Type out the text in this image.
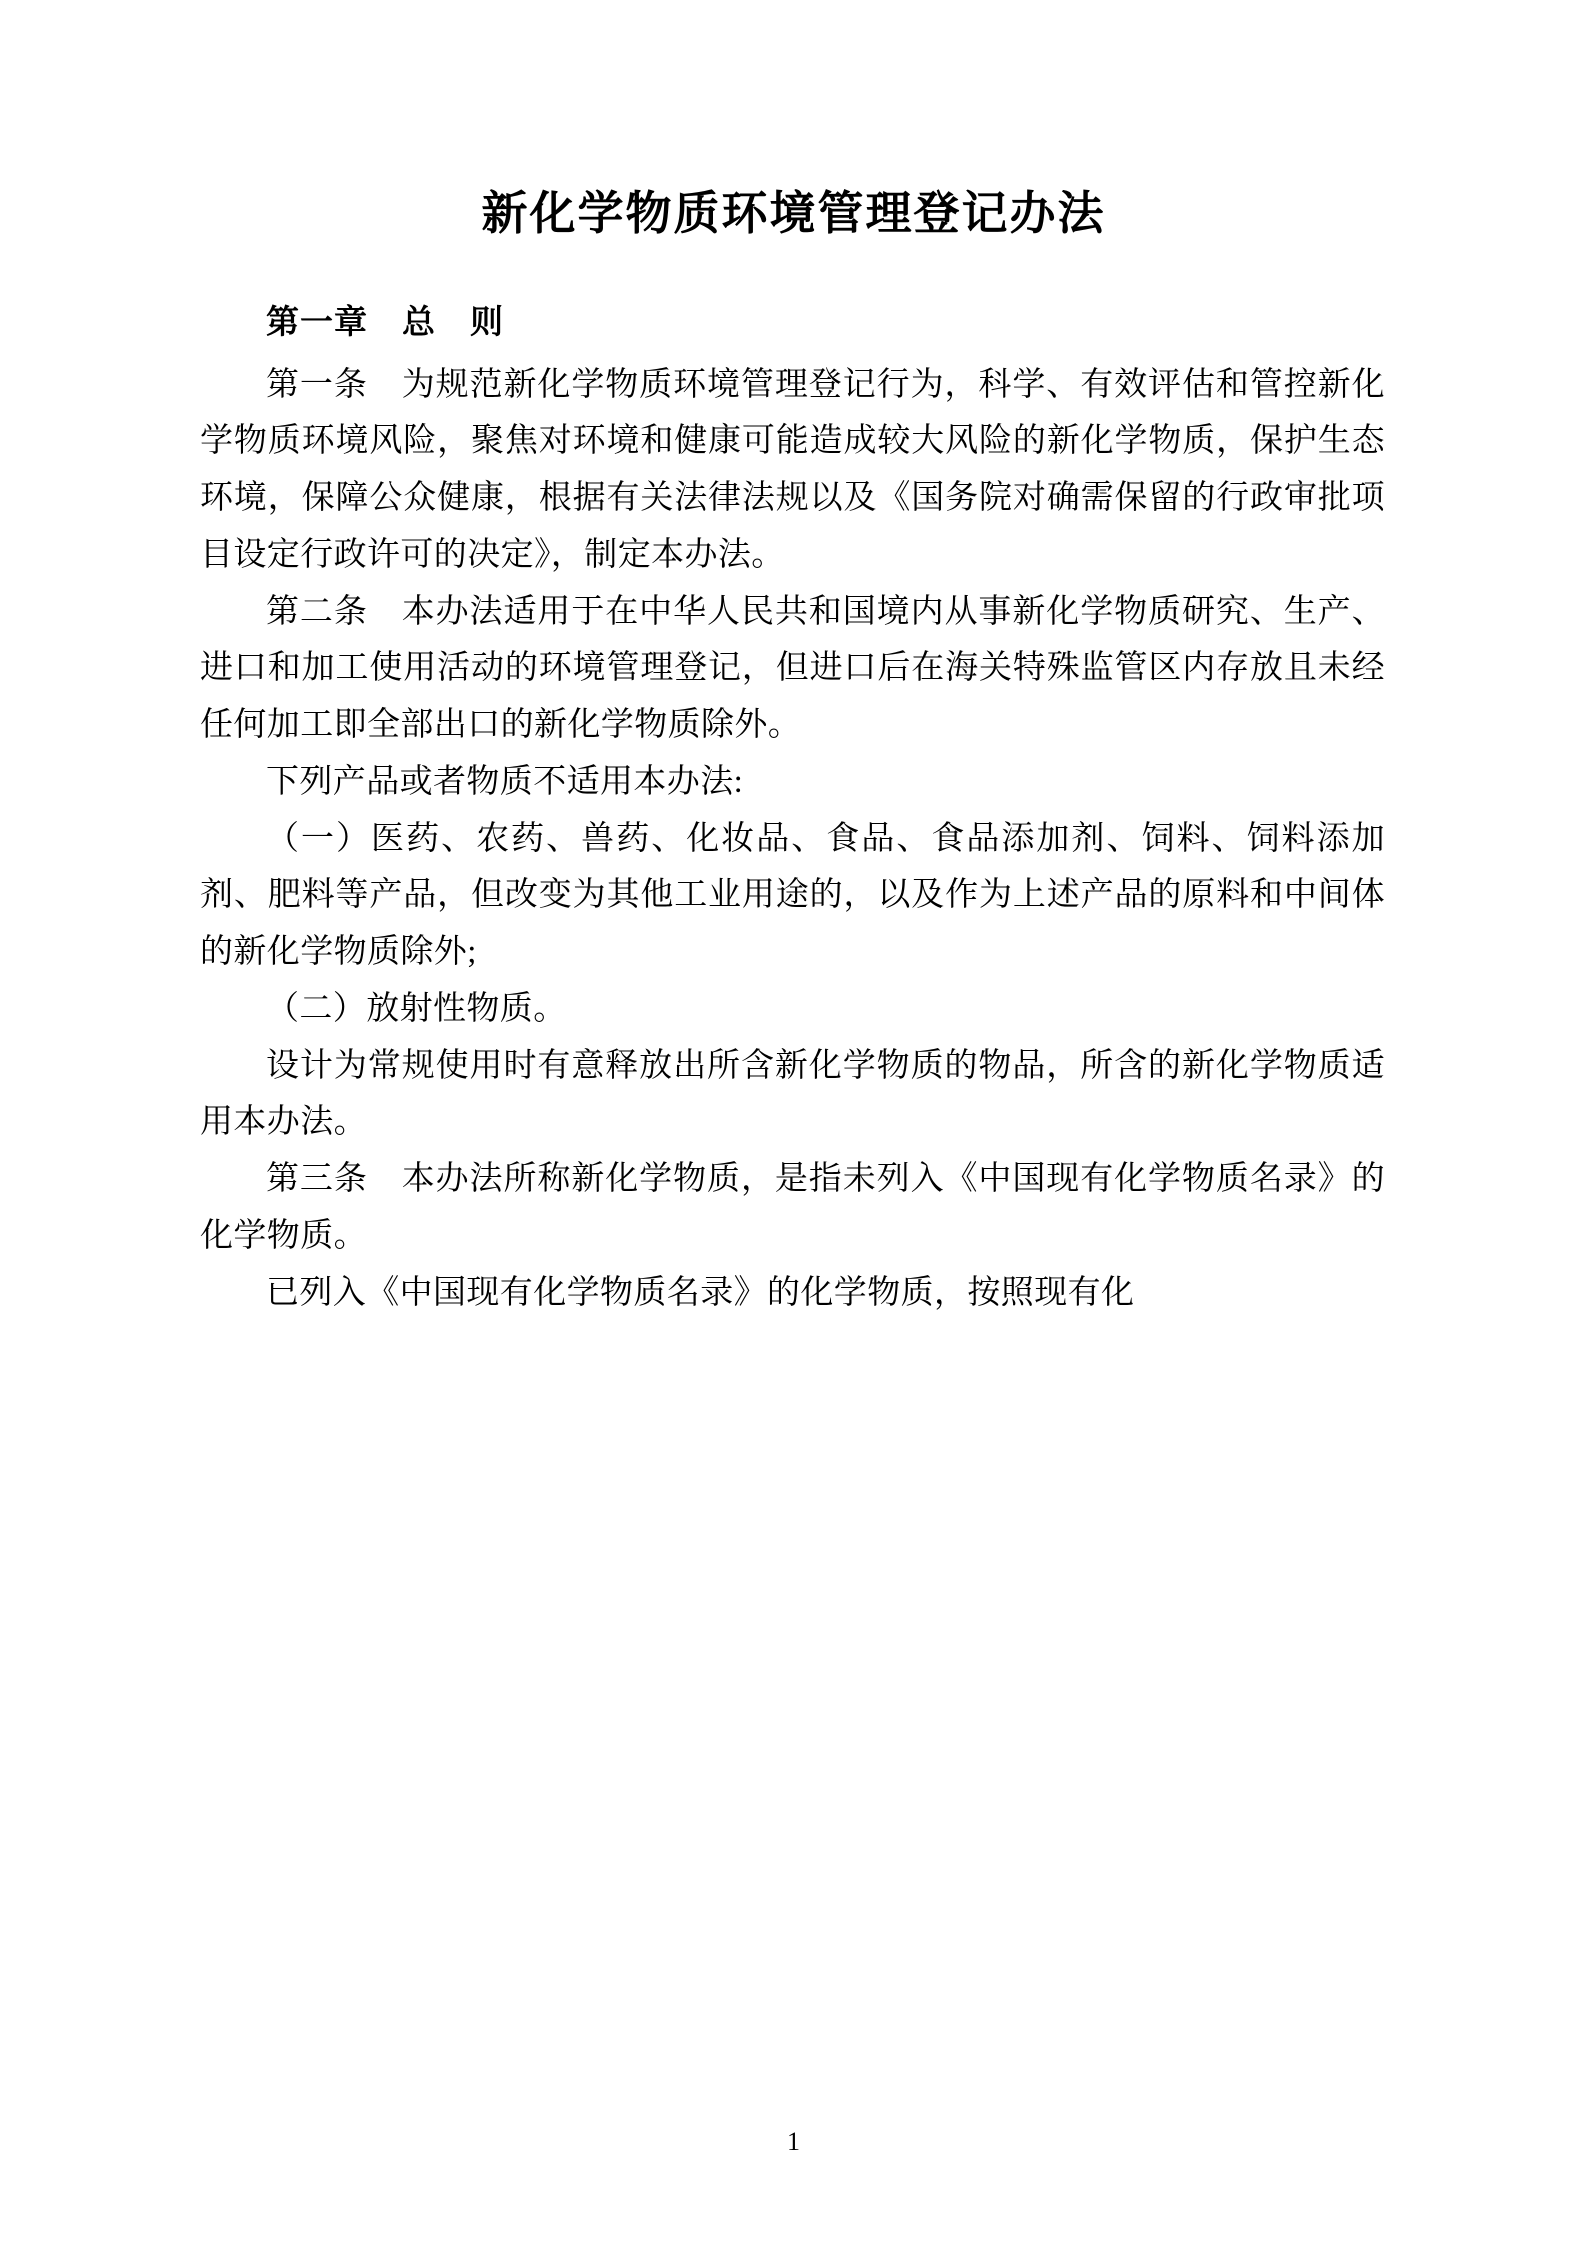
新化学物质环境管理登记办法

第一章　总　则

第一条　为规范新化学物质环境管理登记行为，科学、有效评估和管控新化学物质环境风险，聚焦对环境和健康可能造成较大风险的新化学物质，保护生态环境，保障公众健康，根据有关法律法规以及《国务院对确需保留的行政审批项目设定行政许可的决定》，制定本办法。

第二条　本办法适用于在中华人民共和国境内从事新化学物质研究、生产、进口和加工使用活动的环境管理登记，但进口后在海关特殊监管区内存放且未经任何加工即全部出口的新化学物质除外。

下列产品或者物质不适用本办法:

（一）医药、农药、兽药、化妆品、食品、食品添加剂、饲料、饲料添加剂、肥料等产品，但改变为其他工业用途的，以及作为上述产品的原料和中间体的新化学物质除外;

（二）放射性物质。

设计为常规使用时有意释放出所含新化学物质的物品，所含的新化学物质适用本办法。

第三条　本办法所称新化学物质，是指未列入《中国现有化学物质名录》的化学物质。

已列入《中国现有化学物质名录》的化学物质，按照现有化

1
